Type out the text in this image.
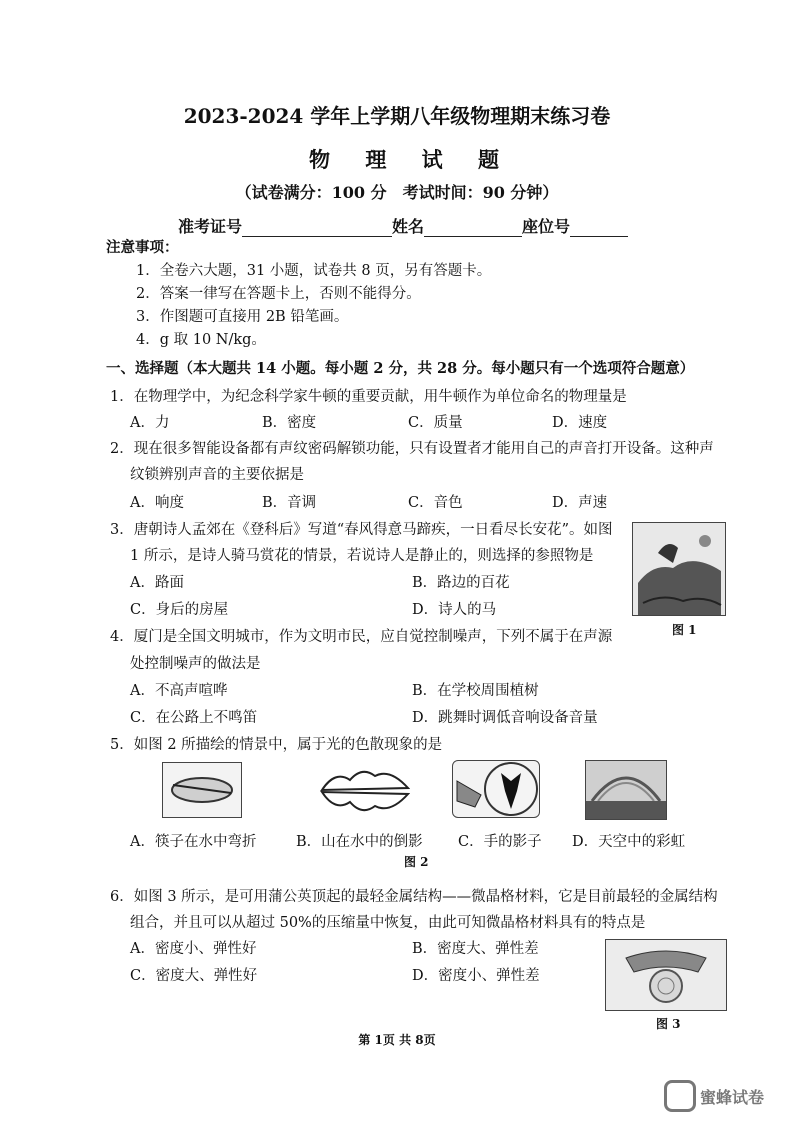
2023-2024 学年上学期八年级物理期末练习卷
物 理 试 题
（试卷满分：100 分　考试时间：90 分钟）
准考证号	姓名	座位号
注意事项：
1．全卷六大题，31 小题，试卷共 8 页，另有答题卡。
2．答案一律写在答题卡上，否则不能得分。
3．作图题可直接用 2B 铅笔画。
4．g 取 10 N/kg。
一、选择题（本大题共 14 小题。每小题 2 分，共 28 分。每小题只有一个选项符合题意）
1．在物理学中，为纪念科学家牛顿的重要贡献，用牛顿作为单位命名的物理量是
A．力	B．密度	C．质量	D．速度
2．现在很多智能设备都有声纹密码解锁功能，只有设置者才能用自己的声音打开设备。这种声
纹锁辨别声音的主要依据是
A．响度	B．音调	C．音色	D．声速
3．唐朝诗人孟郊在《登科后》写道“春风得意马蹄疾，一日看尽长安花”。如图
1 所示，是诗人骑马赏花的情景，若说诗人是静止的，则选择的参照物是
A．路面	B．路边的百花
C．身后的房屋	D．诗人的马
图 1
4．厦门是全国文明城市，作为文明市民，应自觉控制噪声，下列不属于在声源
处控制噪声的做法是
A．不高声喧哗	B．在学校周围植树
C．在公路上不鸣笛	D．跳舞时调低音响设备音量
5．如图 2 所描绘的情景中，属于光的色散现象的是
A．筷子在水中弯折	B．山在水中的倒影 C．手的影子 D．天空中的彩虹
图 2
6．如图 3 所示，是可用蒲公英顶起的最轻金属结构——微晶格材料，它是目前最轻的金属结构
组合，并且可以从超过 50%的压缩量中恢复，由此可知微晶格材料具有的特点是
A．密度小、弹性好	B．密度大、弹性差
C．密度大、弹性好	D．密度小、弹性差
图 3
第 1页 共 8页
蜜蜂试卷
